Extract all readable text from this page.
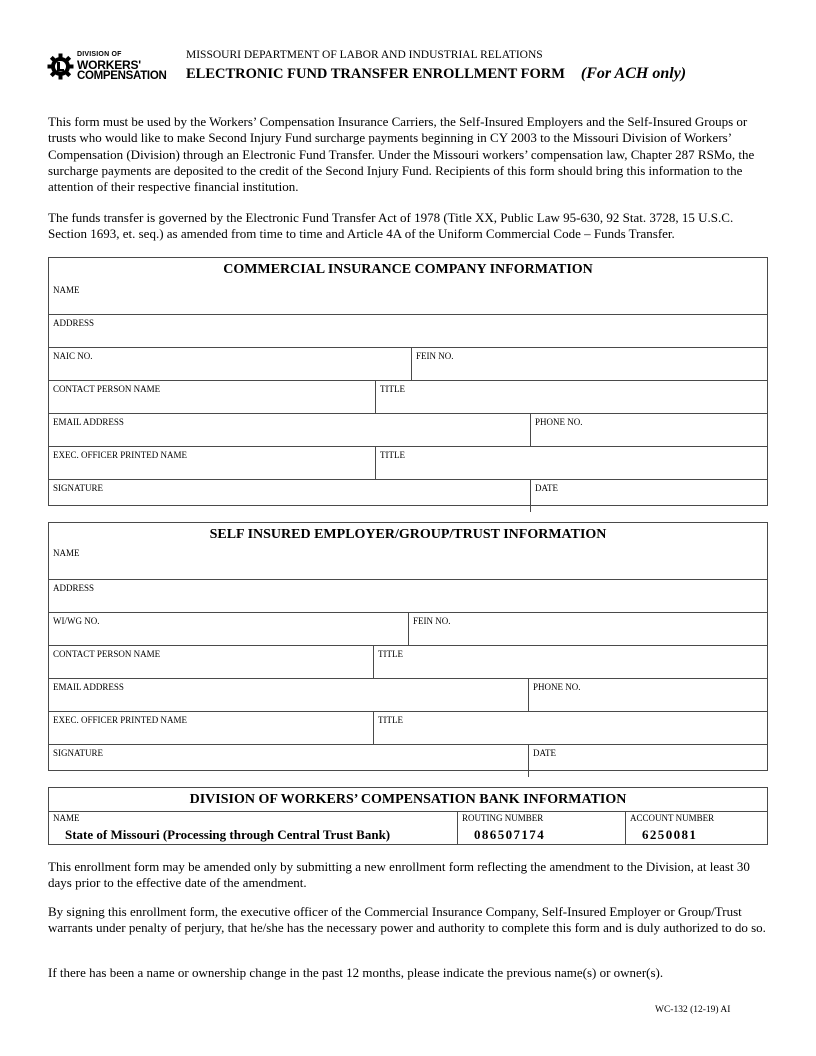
DIVISION OF
WORKERS'
COMPENSATION
MISSOURI DEPARTMENT OF LABOR AND INDUSTRIAL RELATIONS
ELECTRONIC FUND TRANSFER ENROLLMENT FORM (For ACH only)
This form must be used by the Workers’ Compensation Insurance Carriers, the Self-Insured Employers and the Self-Insured Groups or trusts who would like to make Second Injury Fund surcharge payments beginning in CY 2003 to the Missouri Division of Workers’ Compensation (Division) through an Electronic Fund Transfer. Under the Missouri workers’ compensation law, Chapter 287 RSMo, the surcharge payments are deposited to the credit of the Second Injury Fund. Recipients of this form should bring this information to the attention of their respective financial institution.
The funds transfer is governed by the Electronic Fund Transfer Act of 1978 (Title XX, Public Law 95-630, 92 Stat. 3728, 15 U.S.C. Section 1693, et. seq.) as amended from time to time and Article 4A of the Uniform Commercial Code – Funds Transfer.
COMMERCIAL INSURANCE COMPANY INFORMATION
NAME
ADDRESS
NAIC NO.	FEIN NO.
CONTACT PERSON NAME	TITLE
EMAIL ADDRESS	PHONE NO.
EXEC. OFFICER PRINTED NAME	TITLE
SIGNATURE	DATE
SELF INSURED EMPLOYER/GROUP/TRUST INFORMATION
NAME
ADDRESS
WI/WG NO.	FEIN NO.
CONTACT PERSON NAME	TITLE
EMAIL ADDRESS	PHONE NO.
EXEC. OFFICER PRINTED NAME	TITLE
SIGNATURE	DATE
DIVISION OF WORKERS’ COMPENSATION BANK INFORMATION
NAME
State of Missouri (Processing through Central Trust Bank)
ROUTING NUMBER
086507174
ACCOUNT NUMBER
6250081
This enrollment form may be amended only by submitting a new enrollment form reflecting the amendment to the Division, at least 30 days prior to the effective date of the amendment.
By signing this enrollment form, the executive officer of the Commercial Insurance Company, Self-Insured Employer or Group/Trust warrants under penalty of perjury, that he/she has the necessary power and authority to complete this form and is duly authorized to do so.
If there has been a name or ownership change in the past 12 months, please indicate the previous name(s) or owner(s).
WC-132 (12-19) AI
